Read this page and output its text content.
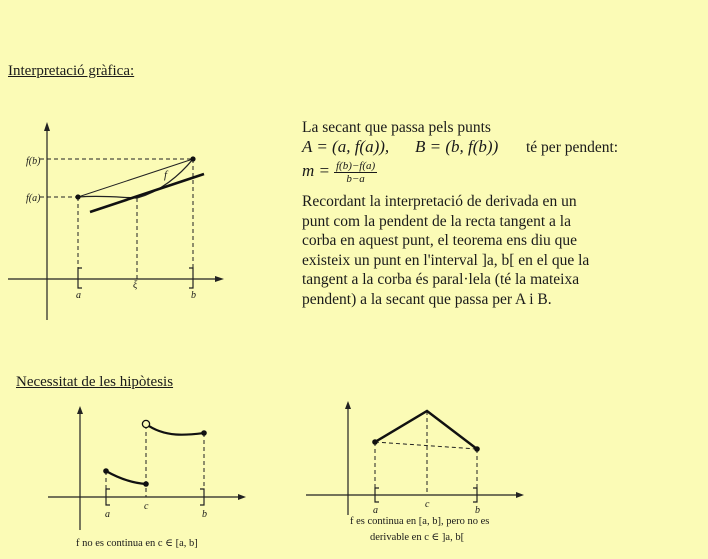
Interpretació gràfica:
f(b)
f(a)
f
a
ξ
b
La secant que passa pels punts
A = (a, f(a)), B = (b, f(b)) té per pendent:
$m = \frac{f(b)-f(a)}{b-a}$
Recordant la interpretació de derivada en un
punt com la pendent de la recta tangent a la
corba en aquest punt, el teorema ens diu que
existeix un punt en l'interval ]a, b[ en el que la
tangent a la corba és paral·lela (té la mateixa
pendent) a la secant que passa per A i B.
Necessitat de les hipòtesis
a
c
b
f no es continua en c ∈ [a, b]
a
c
b
f es continua en [a, b], pero no es
derivable en c ∈ ]a, b[
